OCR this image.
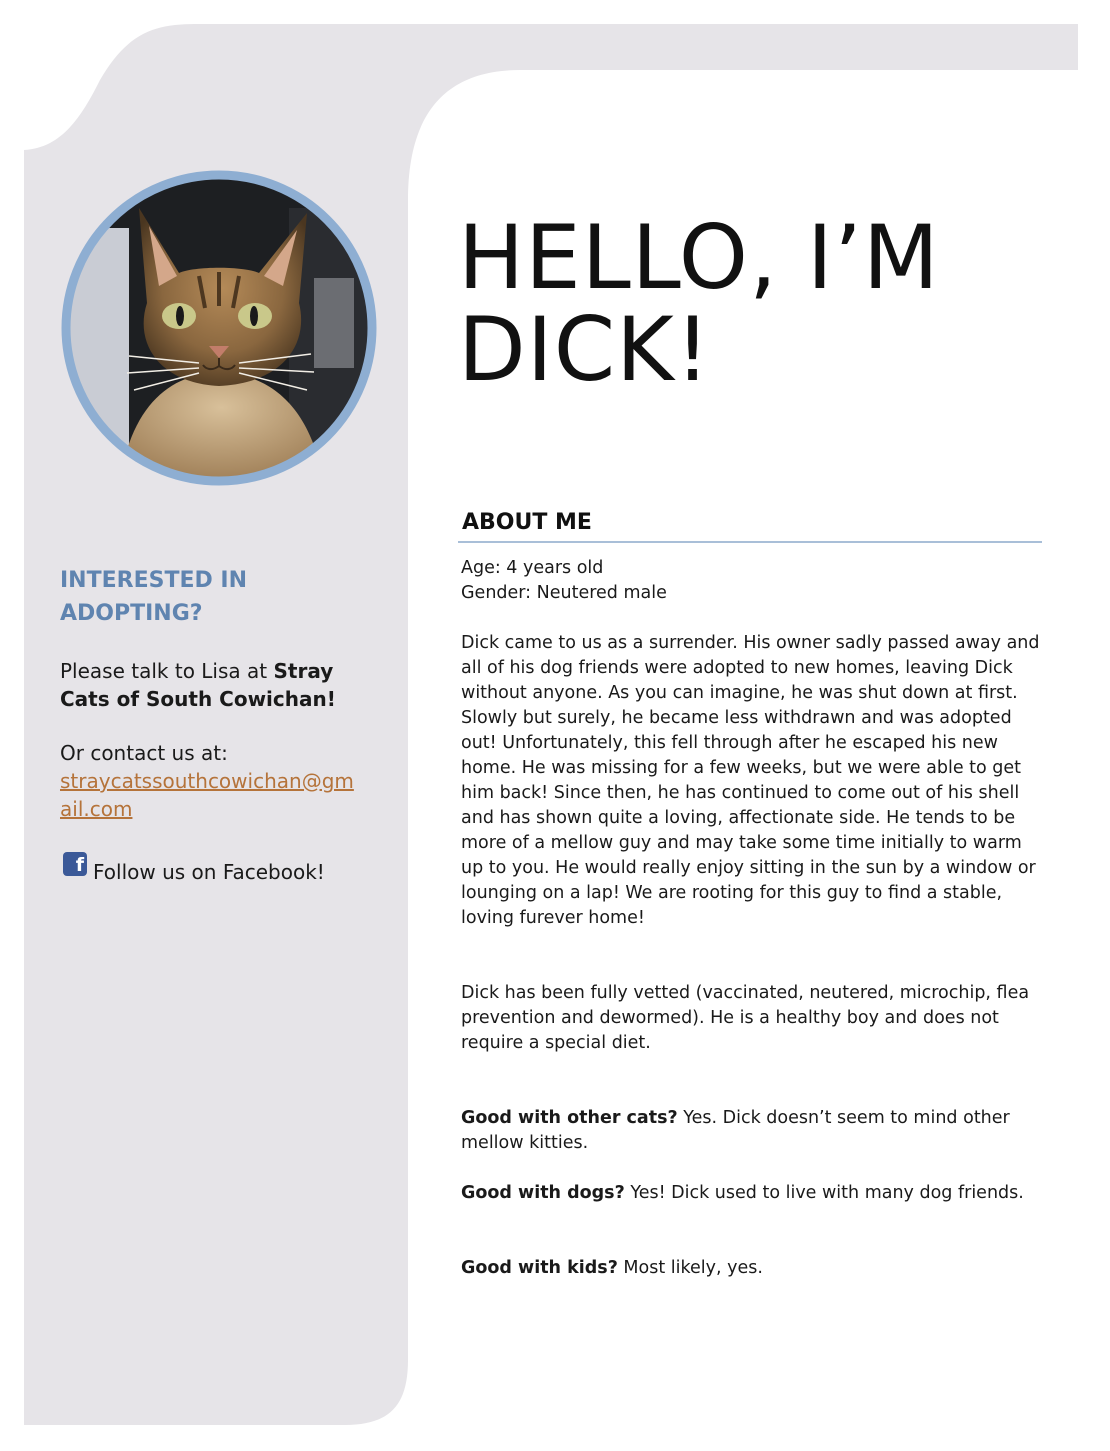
HELLO, I’M
DICK!
INTERESTED IN
ADOPTING?

Please talk to Lisa at Stray Cats of South Cowichan!

Or contact us at:

straycatssouthcowichan@gmail.com

f Follow us on Facebook!
ABOUT ME

Age: 4 years old
Gender: Neutered male

Dick came to us as a surrender. His owner sadly passed away and all of his dog friends were adopted to new homes, leaving Dick without anyone. As you can imagine, he was shut down at first. Slowly but surely, he became less withdrawn and was adopted out! Unfortunately, this fell through after he escaped his new home. He was missing for a few weeks, but we were able to get him back! Since then, he has continued to come out of his shell and has shown quite a loving, affectionate side. He tends to be more of a mellow guy and may take some time initially to warm up to you. He would really enjoy sitting in the sun by a window or lounging on a lap! We are rooting for this guy to find a stable, loving furever home!

Dick has been fully vetted (vaccinated, neutered, microchip, flea prevention and dewormed). He is a healthy boy and does not require a special diet.

Good with other cats? Yes. Dick doesn’t seem to mind other mellow kitties.

Good with dogs? Yes! Dick used to live with many dog friends.

Good with kids? Most likely, yes.
